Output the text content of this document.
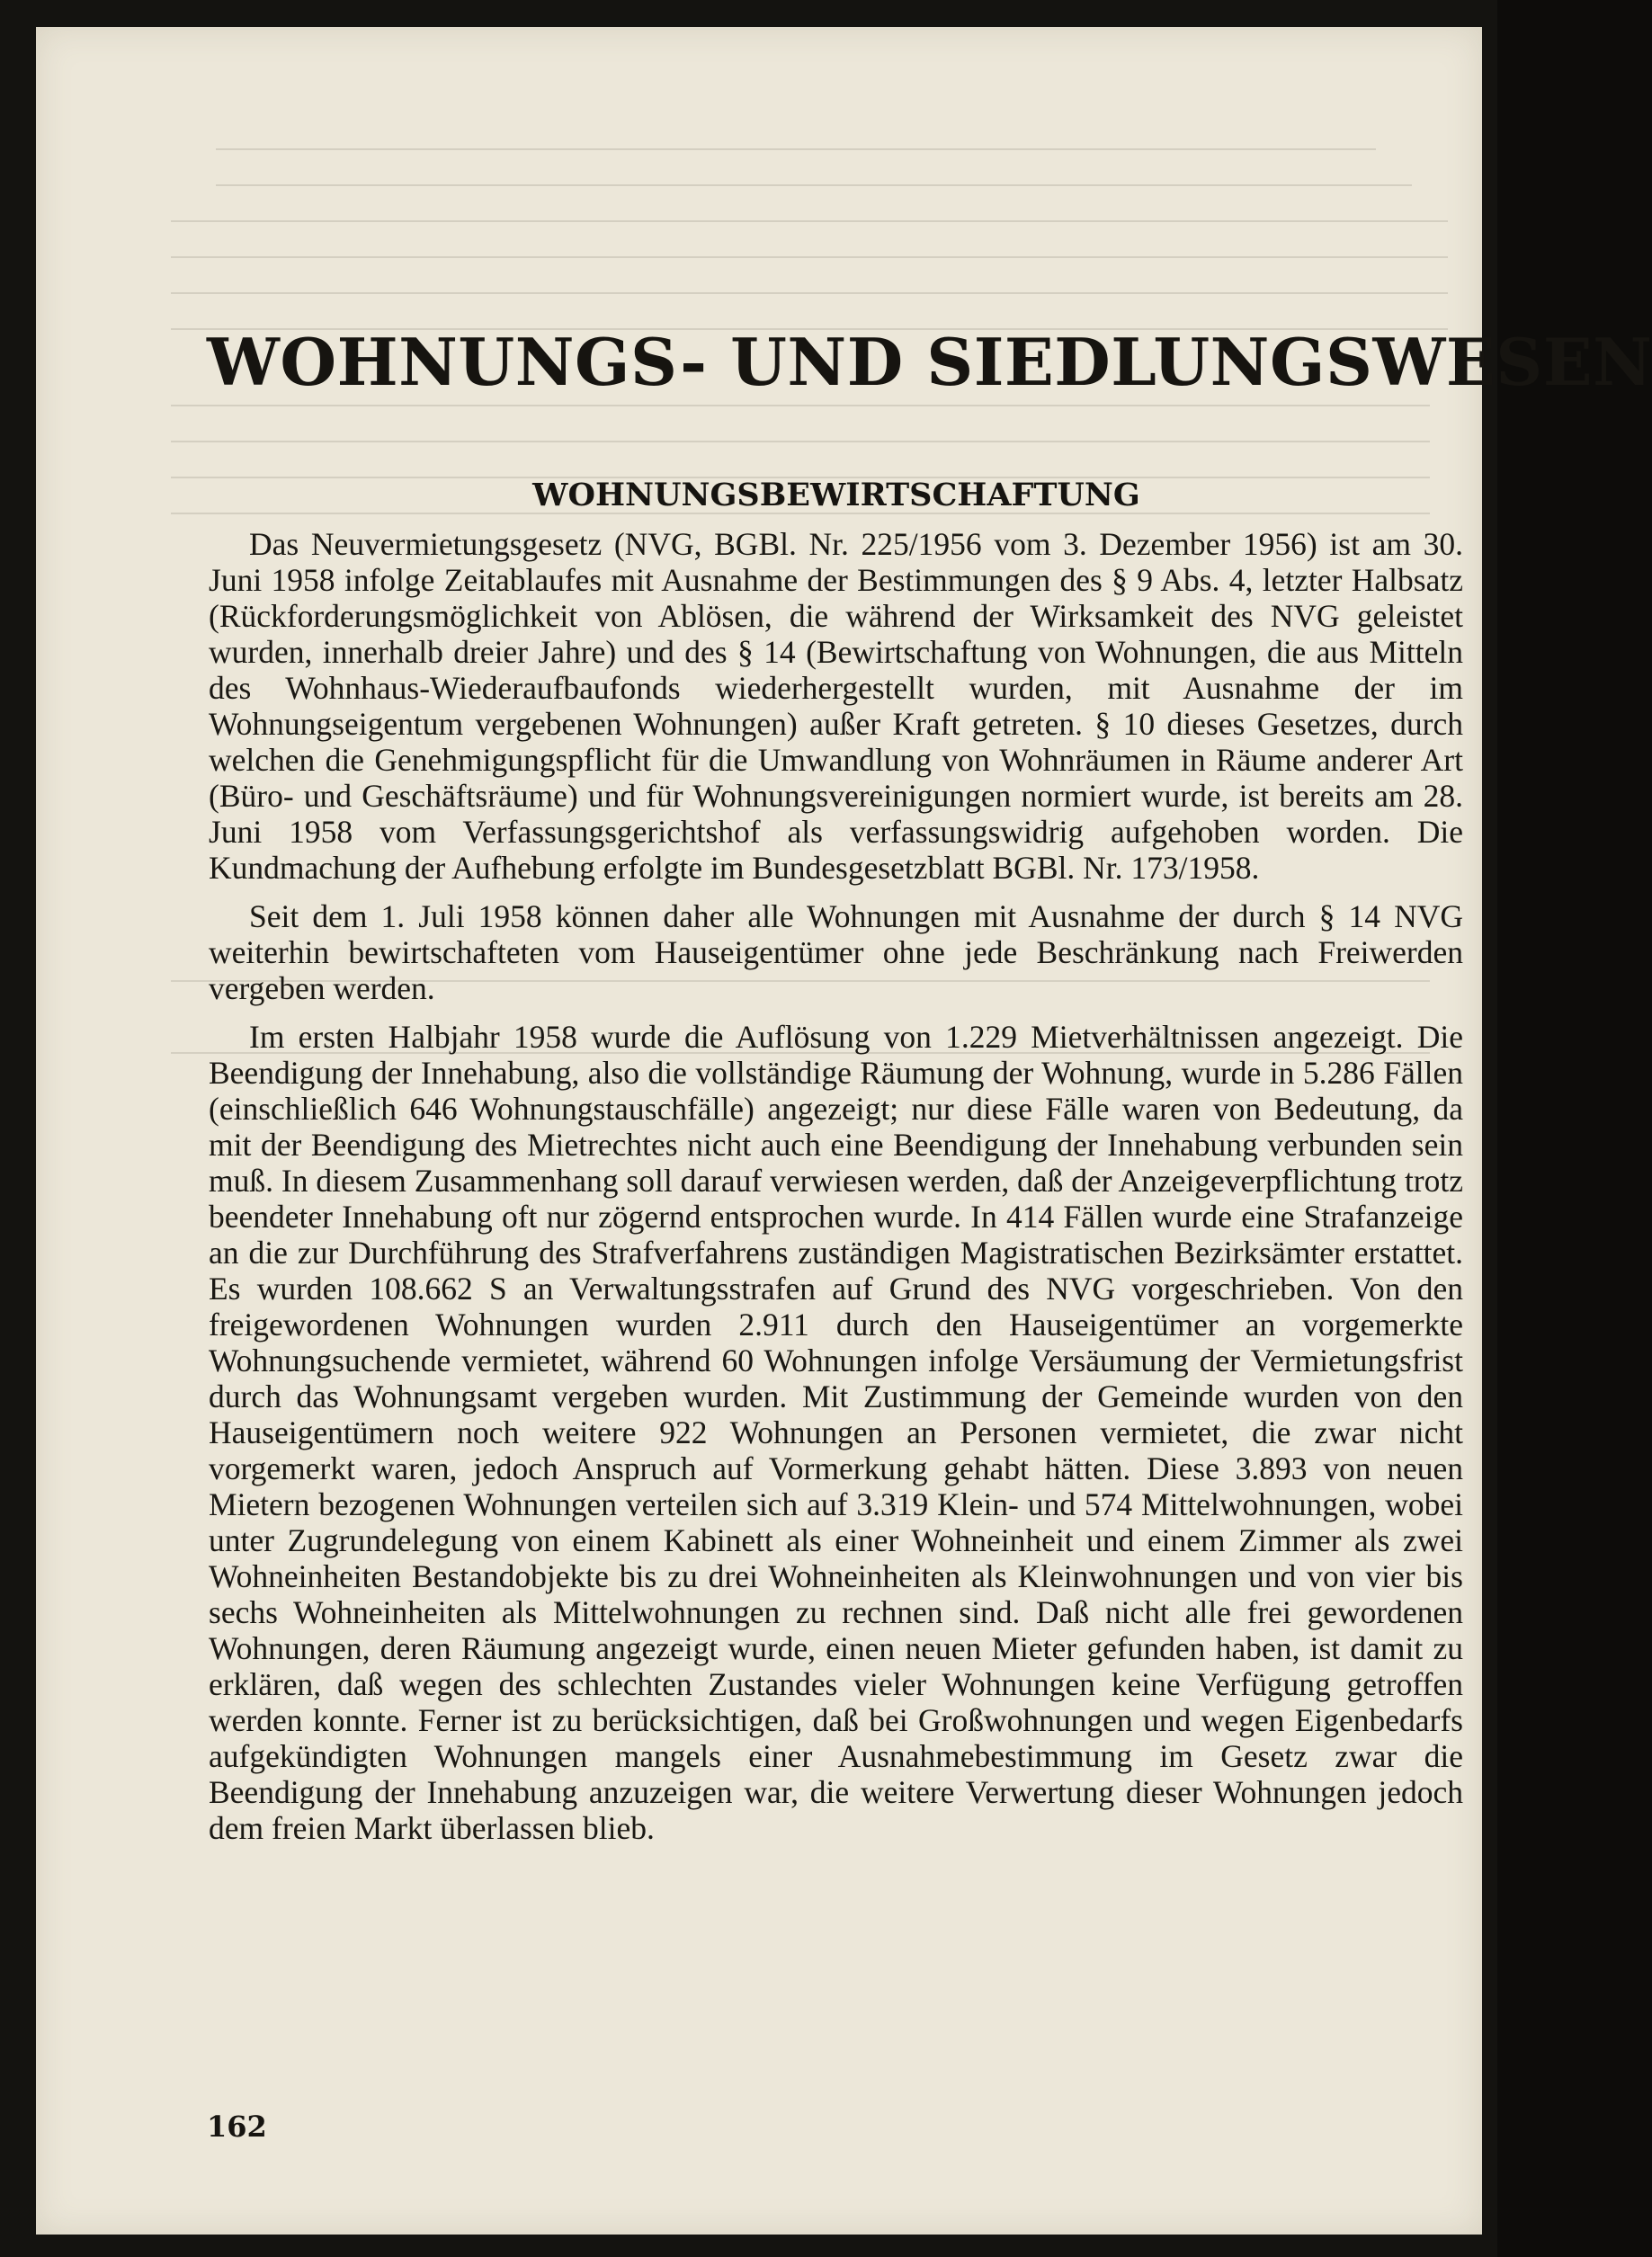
WOHNUNGS- UND SIEDLUNGSWESEN
WOHNUNGSBEWIRTSCHAFTUNG

Das Neuvermietungsgesetz (NVG, BGBl. Nr. 225/1956 vom 3. Dezember 1956) ist am 30. Juni 1958 infolge Zeitablaufes mit Ausnahme der Bestimmungen des § 9 Abs. 4, letzter Halbsatz (Rückforderungsmöglichkeit von Ablösen, die während der Wirksamkeit des NVG geleistet wurden, innerhalb dreier Jahre) und des § 14 (Bewirtschaftung von Wohnungen, die aus Mitteln des Wohnhaus-Wiederaufbaufonds wiederhergestellt wurden, mit Ausnahme der im Wohnungseigentum vergebenen Wohnungen) außer Kraft getreten. § 10 dieses Gesetzes, durch welchen die Genehmigungspflicht für die Umwandlung von Wohnräumen in Räume anderer Art (Büro- und Geschäftsräume) und für Wohnungsvereinigungen normiert wurde, ist bereits am 28. Juni 1958 vom Verfassungsgerichtshof als verfassungswidrig aufgehoben worden. Die Kundmachung der Aufhebung erfolgte im Bundesgesetzblatt BGBl. Nr. 173/1958.

Seit dem 1. Juli 1958 können daher alle Wohnungen mit Ausnahme der durch § 14 NVG weiterhin bewirtschafteten vom Hauseigentümer ohne jede Beschränkung nach Freiwerden vergeben werden.

Im ersten Halbjahr 1958 wurde die Auflösung von 1.229 Mietverhältnissen angezeigt. Die Beendigung der Innehabung, also die vollständige Räumung der Wohnung, wurde in 5.286 Fällen (einschließlich 646 Wohnungstauschfälle) angezeigt; nur diese Fälle waren von Bedeutung, da mit der Beendigung des Mietrechtes nicht auch eine Beendigung der Innehabung verbunden sein muß. In diesem Zusammenhang soll darauf verwiesen werden, daß der Anzeigeverpflichtung trotz beendeter Innehabung oft nur zögernd entsprochen wurde. In 414 Fällen wurde eine Strafanzeige an die zur Durchführung des Strafverfahrens zuständigen Magistratischen Bezirksämter erstattet. Es wurden 108.662 S an Verwaltungsstrafen auf Grund des NVG vorgeschrieben. Von den freigewordenen Wohnungen wurden 2.911 durch den Hauseigentümer an vorgemerkte Wohnungsuchende vermietet, während 60 Wohnungen infolge Versäumung der Vermietungsfrist durch das Wohnungsamt vergeben wurden. Mit Zustimmung der Gemeinde wurden von den Hauseigentümern noch weitere 922 Wohnungen an Personen vermietet, die zwar nicht vorgemerkt waren, jedoch Anspruch auf Vormerkung gehabt hätten. Diese 3.893 von neuen Mietern bezogenen Wohnungen verteilen sich auf 3.319 Klein- und 574 Mittelwohnungen, wobei unter Zugrundelegung von einem Kabinett als einer Wohneinheit und einem Zimmer als zwei Wohneinheiten Bestandobjekte bis zu drei Wohneinheiten als Kleinwohnungen und von vier bis sechs Wohneinheiten als Mittelwohnungen zu rechnen sind. Daß nicht alle frei gewordenen Wohnungen, deren Räumung angezeigt wurde, einen neuen Mieter gefunden haben, ist damit zu erklären, daß wegen des schlechten Zustandes vieler Wohnungen keine Verfügung getroffen werden konnte. Ferner ist zu berücksichtigen, daß bei Großwohnungen und wegen Eigenbedarfs aufgekündigten Wohnungen mangels einer Ausnahmebestimmung im Gesetz zwar die Beendigung der Innehabung anzuzeigen war, die weitere Verwertung dieser Wohnungen jedoch dem freien Markt überlassen blieb.

162
